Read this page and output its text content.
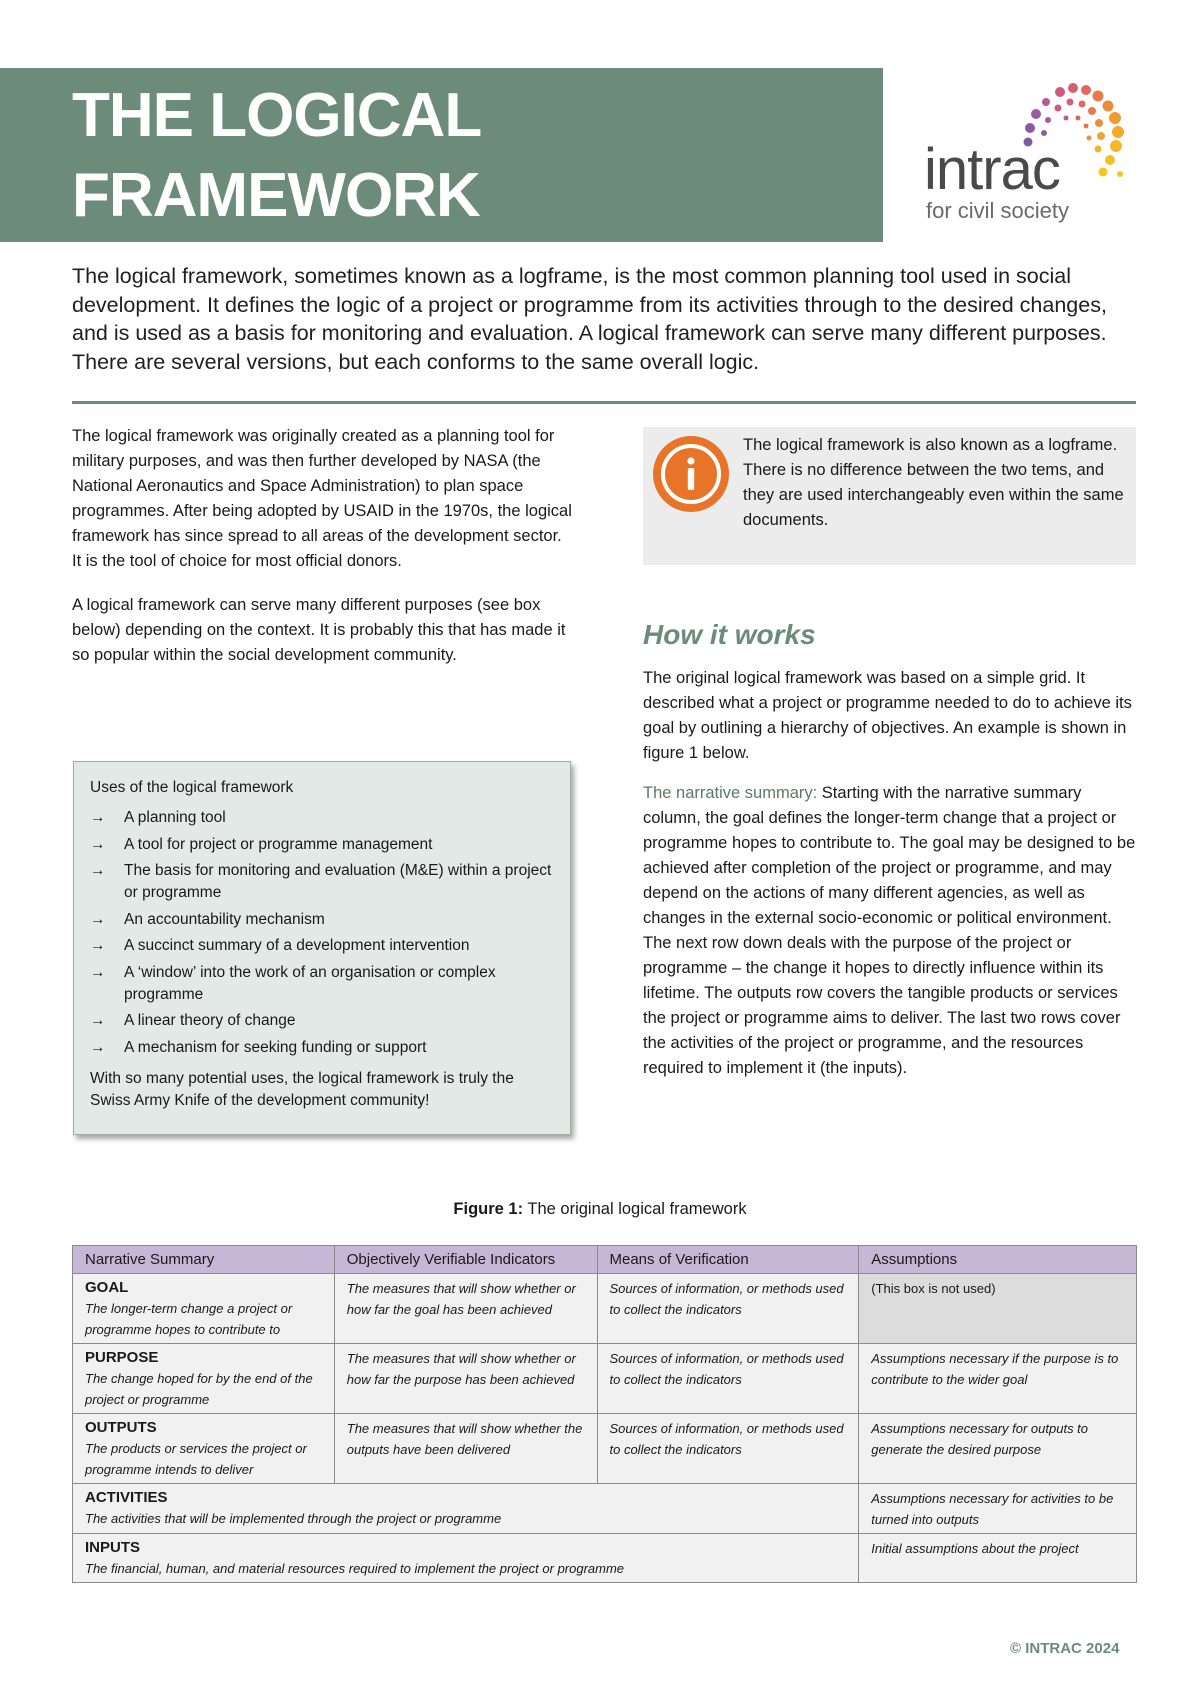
THE LOGICAL
FRAMEWORK	intrac
for civil society
The logical framework, sometimes known as a logframe, is the most common planning tool used in social development. It defines the logic of a project or programme from its activities through to the desired changes, and is used as a basis for monitoring and evaluation. A logical framework can serve many different purposes. There are several versions, but each conforms to the same overall logic.

The logical framework was originally created as a planning tool for military purposes, and was then further developed by NASA (the National Aeronautics and Space Administration) to plan space programmes. After being adopted by USAID in the 1970s, the logical framework has since spread to all areas of the development sector. It is the tool of choice for most official donors.

A logical framework can serve many different purposes (see box below) depending on the context. It is probably this that has made it so popular within the social development community.

Uses of the logical framework
→ A planning tool
→ A tool for project or programme management
→ The basis for monitoring and evaluation (M&E) within a project or programme
→ An accountability mechanism
→ A succinct summary of a development intervention
→ A ‘window’ into the work of an organisation or complex programme
→ A linear theory of change
→ A mechanism for seeking funding or support
With so many potential uses, the logical framework is truly the Swiss Army Knife of the development community!
The logical framework is also known as a logframe. There is no difference between the two tems, and they are used interchangeably even within the same documents.
How it works

The original logical framework was based on a simple grid. It described what a project or programme needed to do to achieve its goal by outlining a hierarchy of objectives. An example is shown in figure 1 below.

The narrative summary: Starting with the narrative summary column, the goal defines the longer-term change that a project or programme hopes to contribute to. The goal may be designed to be achieved after completion of the project or programme, and may depend on the actions of many different agencies, as well as changes in the external socio-economic or political environment. The next row down deals with the purpose of the project or programme – the change it hopes to directly influence within its lifetime. The outputs row covers the tangible products or services the project or programme aims to deliver. The last two rows cover the activities of the project or programme, and the resources required to implement it (the inputs).

Figure 1: The original logical framework
Narrative Summary	Objectively Verifiable Indicators	Means of Verification	Assumptions

GOAL
The longer-term change a project or programme hopes to contribute to	The measures that will show whether or how far the goal has been achieved	Sources of information, or methods used to collect the indicators	(This box is not used)

PURPOSE
The change hoped for by the end of the project or programme	The measures that will show whether or how far the purpose has been achieved	Sources of information, or methods used to collect the indicators	Assumptions necessary if the purpose is to contribute to the wider goal

OUTPUTS
The products or services the project or programme intends to deliver	The measures that will show whether the outputs have been delivered	Sources of information, or methods used to collect the indicators	Assumptions necessary for outputs to generate the desired purpose

ACTIVITIES
The activities that will be implemented through the project or programme			Assumptions necessary for activities to be turned into outputs

INPUTS
The financial, human, and material resources required to implement the project or programme			Initial assumptions about the project
© INTRAC 2024
